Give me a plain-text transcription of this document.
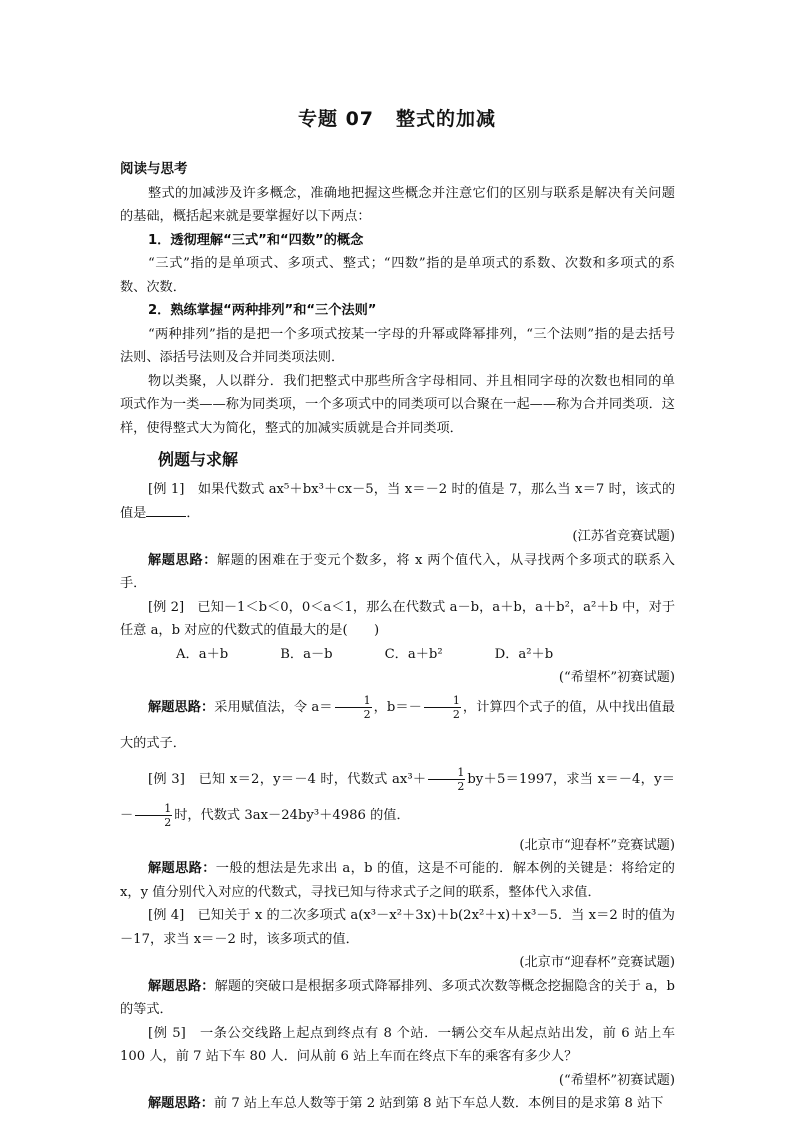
专题 07 整式的加减

阅读与思考

整式的加减涉及许多概念，准确地把握这些概念并注意它们的区别与联系是解决有关问题的基础，概括起来就是要掌握好以下两点：

1．透彻理解“三式”和“四数”的概念

“三式”指的是单项式、多项式、整式；“四数”指的是单项式的系数、次数和多项式的系数、次数．

2．熟练掌握“两种排列”和“三个法则”

“两种排列”指的是把一个多项式按某一字母的升幂或降幂排列，“三个法则”指的是去括号法则、添括号法则及合并同类项法则．

物以类聚，人以群分．我们把整式中那些所含字母相同、并且相同字母的次数也相同的单项式作为一类——称为同类项，一个多项式中的同类项可以合聚在一起——称为合并同类项．这样，使得整式大为简化，整式的加减实质就是合并同类项．

例题与求解

[例 1]　 如果代数式 ax⁵＋bx³＋cx－5，当 x＝－2 时的值是 7，那么当 x＝7 时，该式的值是	．

(江苏省竞赛试题)

解题思路：解题的困难在于变元个数多，将 x 两个值代入，从寻找两个多项式的联系入手．

[例 2]　 已知－1＜b＜0，0＜a＜1，那么在代数式 a－b，a＋b，a＋b²，a²＋b 中，对于任意 a，b 对应的代数式的值最大的是(　　)

A．a＋b	B．a－b	C．a＋b²	D．a²＋b

(“希望杯”初赛试题)

解题思路：采用赋值法，令 $a= \frac{1}{2}$ ，$b=- \frac{1}{2}$ ，计算四个式子的值，从中找出值最大的式子．

[例 3]　 已知 x＝2，y＝－4 时，代数式 $ax^3+ \frac{1}{2} by+5=1997$，求当 x＝－4，$y=- \frac{1}{2}$ 时，代数式 3ax－24by³＋4986 的值．

(北京市“迎春杯”竞赛试题)

解题思路：一般的想法是先求出 a，b 的值，这是不可能的．解本例的关键是：将给定的 x，y 值分别代入对应的代数式，寻找已知与待求式子之间的联系，整体代入求值．

[例 4]　 已知关于 x 的二次多项式 a(x³－x²＋3x)＋b(2x²＋x)＋x³－5．当 x＝2 时的值为－17，求当 x＝－2 时，该多项式的值．

(北京市“迎春杯”竞赛试题)

解题思路：解题的突破口是根据多项式降幂排列、多项式次数等概念挖掘隐含的关于 a，b 的等式．

[例 5]　 一条公交线路上起点到终点有 8 个站．一辆公交车从起点站出发，前 6 站上车 100 人，前 7 站下车 80 人．问从前 6 站上车而在终点下车的乘客有多少人？

(“希望杯”初赛试题)

解题思路：前 7 站上车总人数等于第 2 站到第 8 站下车总人数．本例目的是求第 8 站下
